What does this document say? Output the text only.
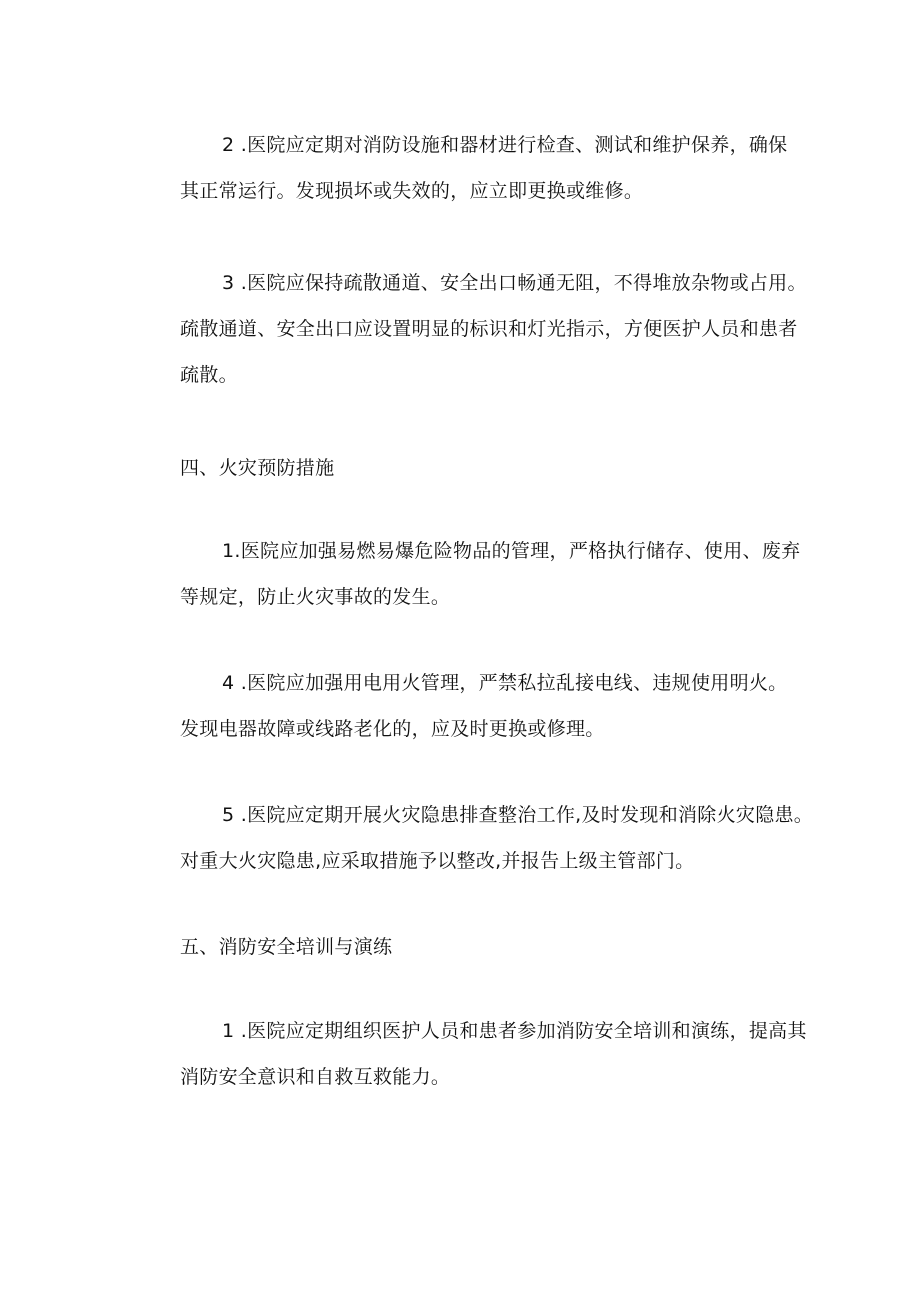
2 .医院应定期对消防设施和器材进行检查、测试和维护保养，确保
其正常运行。发现损坏或失效的，应立即更换或维修。

3 .医院应保持疏散通道、安全出口畅通无阻，不得堆放杂物或占用。
疏散通道、安全出口应设置明显的标识和灯光指示，方便医护人员和患者
疏散。

四、火灾预防措施

1.医院应加强易燃易爆危险物品的管理，严格执行储存、使用、废弃
等规定，防止火灾事故的发生。

4 .医院应加强用电用火管理，严禁私拉乱接电线、违规使用明火。
发现电器故障或线路老化的，应及时更换或修理。

5 .医院应定期开展火灾隐患排查整治工作,及时发现和消除火灾隐患。
对重大火灾隐患,应采取措施予以整改,并报告上级主管部门。

五、消防安全培训与演练

1 .医院应定期组织医护人员和患者参加消防安全培训和演练，提高其
消防安全意识和自救互救能力。
